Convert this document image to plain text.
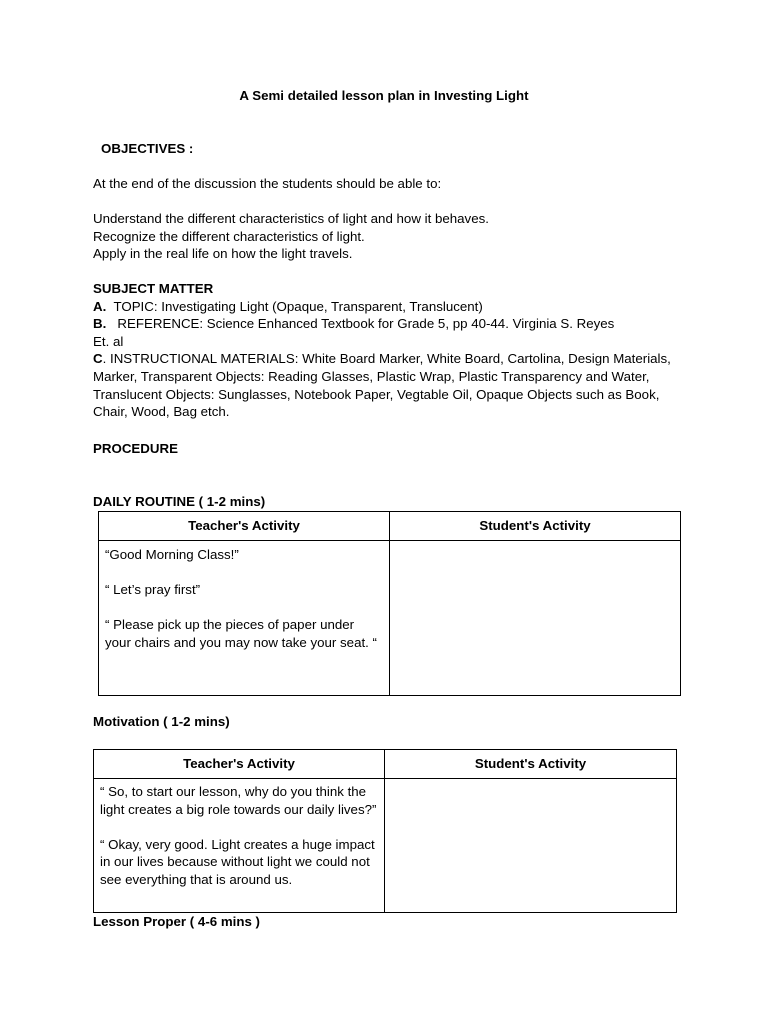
A Semi detailed lesson plan in Investing Light
OBJECTIVES :
At the end of the discussion the students should be able to:
Understand the different characteristics of light and how it behaves.
Recognize the different characteristics of light.
Apply in the real life on how the light travels.
SUBJECT MATTER
A. TOPIC: Investigating Light (Opaque, Transparent, Translucent)
B. REFERENCE: Science Enhanced Textbook for Grade 5, pp 40-44. Virginia S. Reyes
Et. al
C. INSTRUCTIONAL MATERIALS: White Board Marker, White Board, Cartolina, Design Materials, Marker, Transparent Objects: Reading Glasses, Plastic Wrap, Plastic Transparency and Water, Translucent Objects: Sunglasses, Notebook Paper, Vegtable Oil, Opaque Objects such as Book, Chair, Wood, Bag etch.
PROCEDURE
DAILY ROUTINE ( 1-2 mins)
Teacher's Activity	Student's Activity

“Good Morning Class!”

“ Let’s pray first”

“ Please pick up the pieces of paper under your chairs and you may now take your seat. “	

Motivation ( 1-2 mins)
Teacher's Activity	Student's Activity

“ So, to start our lesson, why do you think the light creates a big role towards our daily lives?”

“ Okay, very good. Light creates a huge impact in our lives because without light we could not see everything that is around us.	

Lesson Proper ( 4-6 mins )
